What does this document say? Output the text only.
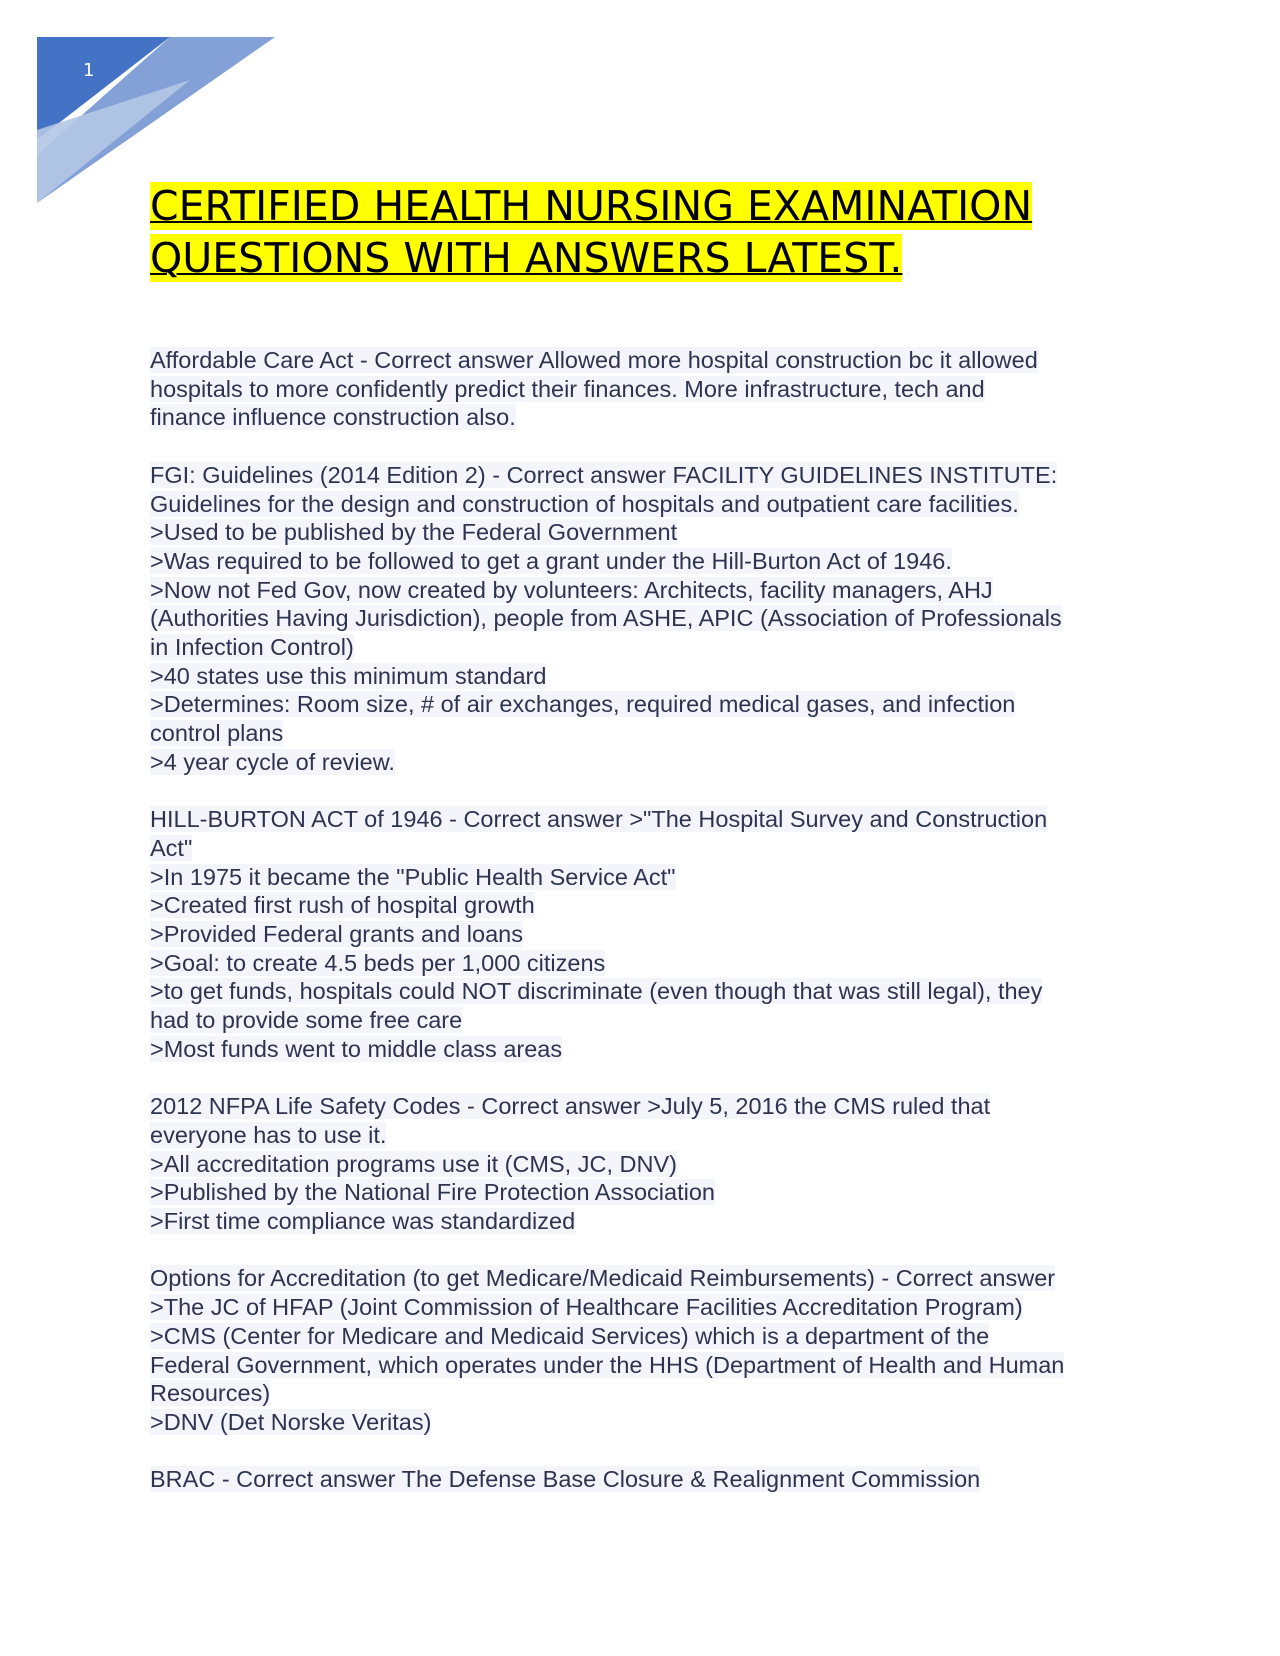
1
CERTIFIED HEALTH NURSING EXAMINATION
QUESTIONS WITH ANSWERS LATEST.
Affordable Care Act - Correct answer Allowed more hospital construction bc it allowed
hospitals to more confidently predict their finances. More infrastructure, tech and
finance influence construction also.
FGI: Guidelines (2014 Edition 2) - Correct answer FACILITY GUIDELINES INSTITUTE:
Guidelines for the design and construction of hospitals and outpatient care facilities.
>Used to be published by the Federal Government
>Was required to be followed to get a grant under the Hill-Burton Act of 1946.
>Now not Fed Gov, now created by volunteers: Architects, facility managers, AHJ
(Authorities Having Jurisdiction), people from ASHE, APIC (Association of Professionals
in Infection Control)
>40 states use this minimum standard
>Determines: Room size, # of air exchanges, required medical gases, and infection
control plans
>4 year cycle of review.
HILL-BURTON ACT of 1946 - Correct answer >"The Hospital Survey and Construction
Act"
>In 1975 it became the "Public Health Service Act"
>Created first rush of hospital growth
>Provided Federal grants and loans
>Goal: to create 4.5 beds per 1,000 citizens
>to get funds, hospitals could NOT discriminate (even though that was still legal), they
had to provide some free care
>Most funds went to middle class areas
2012 NFPA Life Safety Codes - Correct answer >July 5, 2016 the CMS ruled that
everyone has to use it.
>All accreditation programs use it (CMS, JC, DNV)
>Published by the National Fire Protection Association
>First time compliance was standardized
Options for Accreditation (to get Medicare/Medicaid Reimbursements) - Correct answer
>The JC of HFAP (Joint Commission of Healthcare Facilities Accreditation Program)
>CMS (Center for Medicare and Medicaid Services) which is a department of the
Federal Government, which operates under the HHS (Department of Health and Human
Resources)
>DNV (Det Norske Veritas)
BRAC - Correct answer The Defense Base Closure & Realignment Commission
